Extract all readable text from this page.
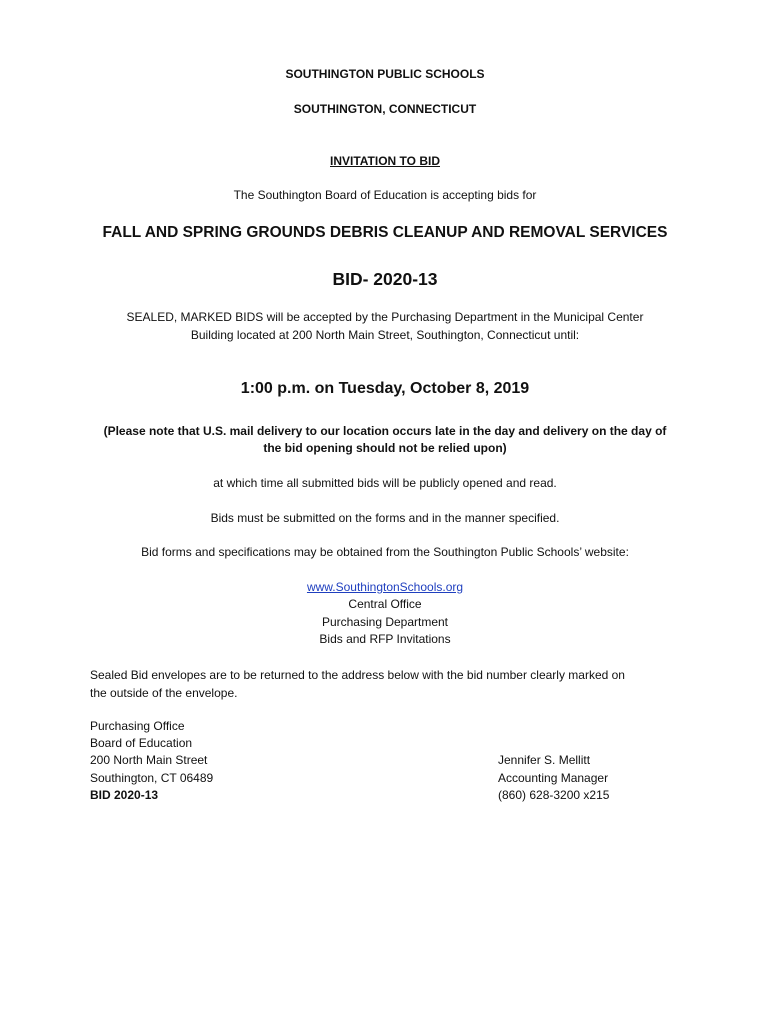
SOUTHINGTON PUBLIC SCHOOLS

SOUTHINGTON, CONNECTICUT

INVITATION TO BID

The Southington Board of Education is accepting bids for

FALL AND SPRING GROUNDS DEBRIS CLEANUP AND REMOVAL SERVICES

BID- 2020-13

SEALED, MARKED BIDS will be accepted by the Purchasing Department in the Municipal Center

Building located at 200 North Main Street, Southington, Connecticut until:

1:00 p.m. on Tuesday, October 8, 2019

(Please note that U.S. mail delivery to our location occurs late in the day and delivery on the day of

the bid opening should not be relied upon)

at which time all submitted bids will be publicly opened and read.

Bids must be submitted on the forms and in the manner specified.

Bid forms and specifications may be obtained from the Southington Public Schools’ website:

www.SouthingtonSchools.org

Central Office

Purchasing Department

Bids and RFP Invitations

Sealed Bid envelopes are to be returned to the address below with the bid number clearly marked on

the outside of the envelope.

Purchasing Office

Board of Education

200 North Main Street

Southington, CT 06489

BID 2020-13

Jennifer S. Mellitt

Accounting Manager

(860) 628-3200 x215
